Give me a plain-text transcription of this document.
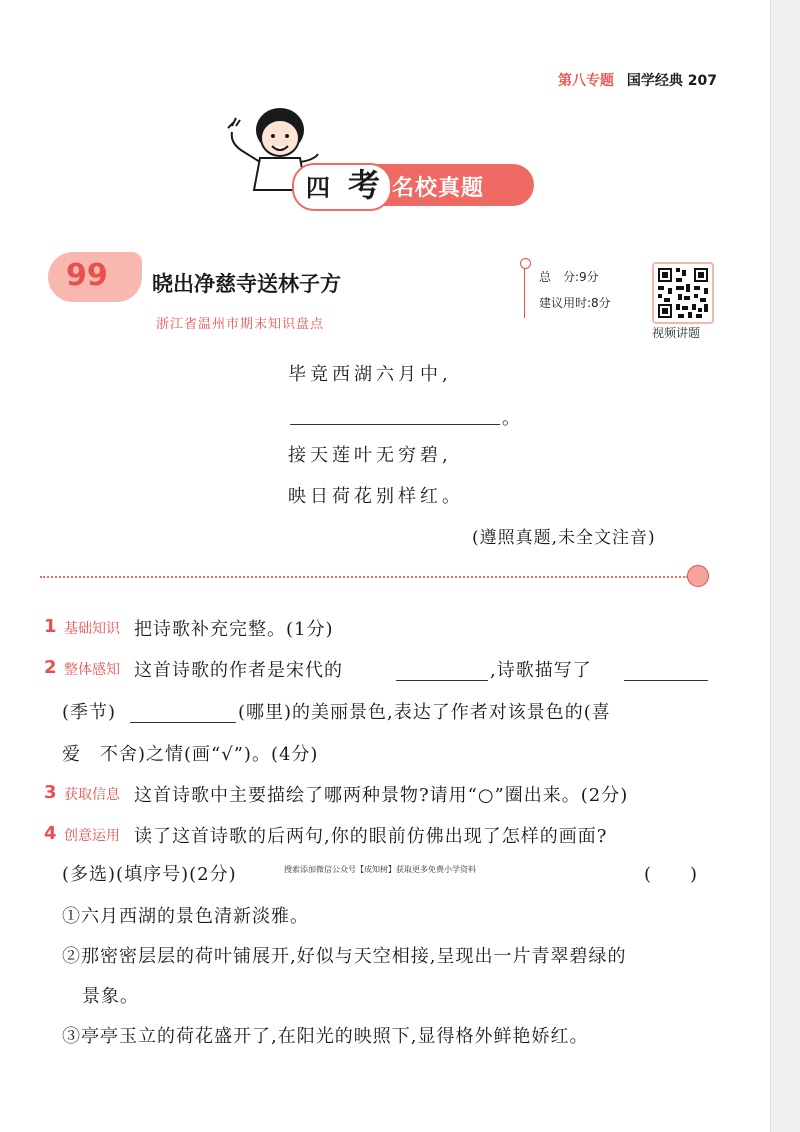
第八专题 国学经典 207
名校真题
四 考
99 晓出净慈寺送林子方
浙江省温州市期末知识盘点
总　分:9分
建议用时:8分
视频讲题
毕竟西湖六月中,
。
接天莲叶无穷碧,
映日荷花别样红。
(遵照真题,未全文注音)
1 基础知识 把诗歌补充完整。(1分)
2 整体感知 这首诗歌的作者是宋代的	,诗歌描写了
(季节)	(哪里)的美丽景色,表达了作者对该景色的(喜
爱　不舍)之情(画“√”)。(4分)
3 获取信息 这首诗歌中主要描绘了哪两种景物?请用“○”圈出来。(2分)
4 创意运用 读了这首诗歌的后两句,你的眼前仿佛出现了怎样的画面?
(多选)(填序号)(2分)	搜索添加微信公众号【成知树】获取更多免费小学资料	(　　)
①六月西湖的景色清新淡雅。
②那密密层层的荷叶铺展开,好似与天空相接,呈现出一片青翠碧绿的
景象。
③亭亭玉立的荷花盛开了,在阳光的映照下,显得格外鲜艳娇红。
